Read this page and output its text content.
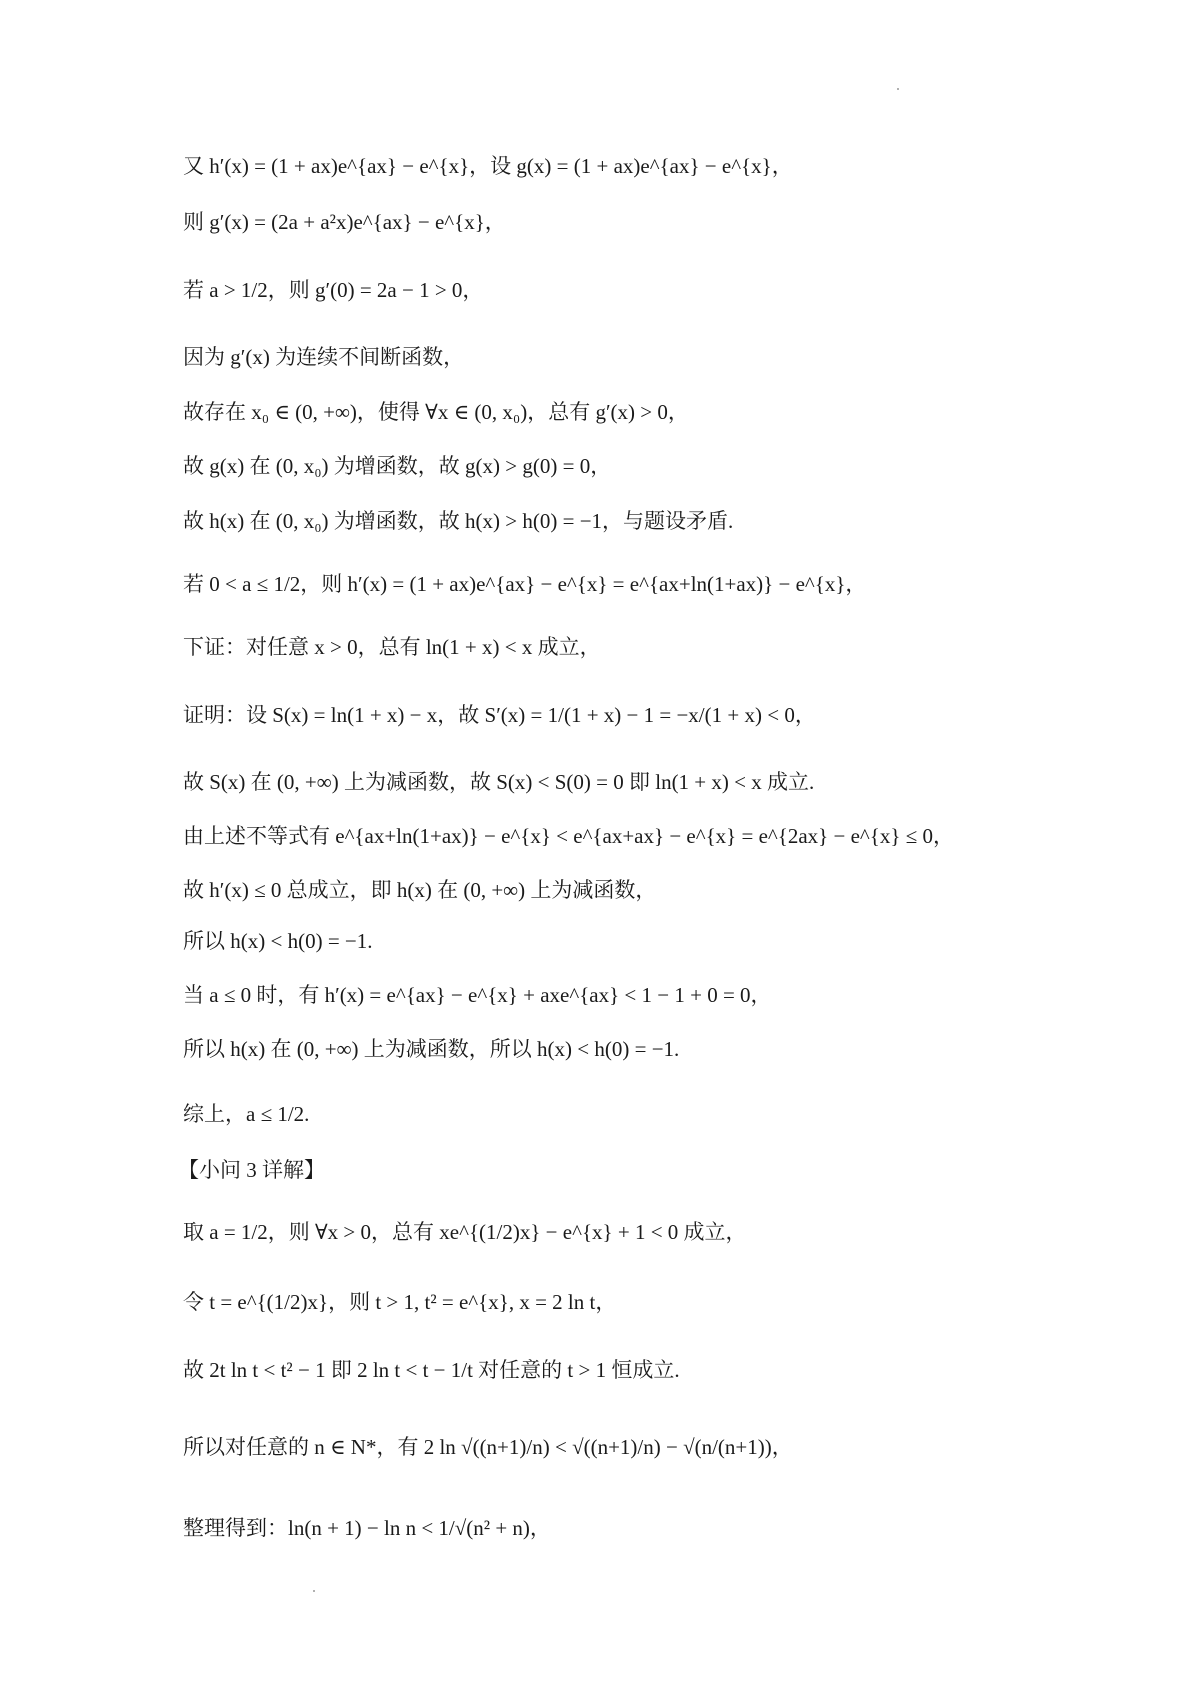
又 h′(x) = (1 + ax)e^{ax} − e^{x}，设 g(x) = (1 + ax)e^{ax} − e^{x}，
则 g′(x) = (2a + a²x)e^{ax} − e^{x}，
若 a > 1/2，则 g′(0) = 2a − 1 > 0，
因为 g′(x) 为连续不间断函数，
故存在 x₀ ∈ (0, +∞)，使得 ∀x ∈ (0, x₀)，总有 g′(x) > 0，
故 g(x) 在 (0, x₀) 为增函数，故 g(x) > g(0) = 0，
故 h(x) 在 (0, x₀) 为增函数，故 h(x) > h(0) = −1，与题设矛盾.
若 0 < a ≤ 1/2，则 h′(x) = (1 + ax)e^{ax} − e^{x} = e^{ax+ln(1+ax)} − e^{x}，
下证：对任意 x > 0，总有 ln(1 + x) < x 成立，
证明：设 S(x) = ln(1 + x) − x，故 S′(x) = 1/(1 + x) − 1 = −x/(1 + x) < 0，
故 S(x) 在 (0, +∞) 上为减函数，故 S(x) < S(0) = 0 即 ln(1 + x) < x 成立.
由上述不等式有 e^{ax+ln(1+ax)} − e^{x} < e^{ax+ax} − e^{x} = e^{2ax} − e^{x} ≤ 0，
故 h′(x) ≤ 0 总成立，即 h(x) 在 (0, +∞) 上为减函数，
所以 h(x) < h(0) = −1.
当 a ≤ 0 时，有 h′(x) = e^{ax} − e^{x} + axe^{ax} < 1 − 1 + 0 = 0，
所以 h(x) 在 (0, +∞) 上为减函数，所以 h(x) < h(0) = −1.
综上，a ≤ 1/2.
【小问 3 详解】
取 a = 1/2，则 ∀x > 0，总有 xe^{(1/2)x} − e^{x} + 1 < 0 成立，
令 t = e^{(1/2)x}，则 t > 1, t² = e^{x}, x = 2 ln t，
故 2t ln t < t² − 1 即 2 ln t < t − 1/t 对任意的 t > 1 恒成立.
所以对任意的 n ∈ N*，有 2 ln √((n+1)/n) < √((n+1)/n) − √(n/(n+1))，
整理得到：ln(n + 1) − ln n < 1/√(n² + n)，
